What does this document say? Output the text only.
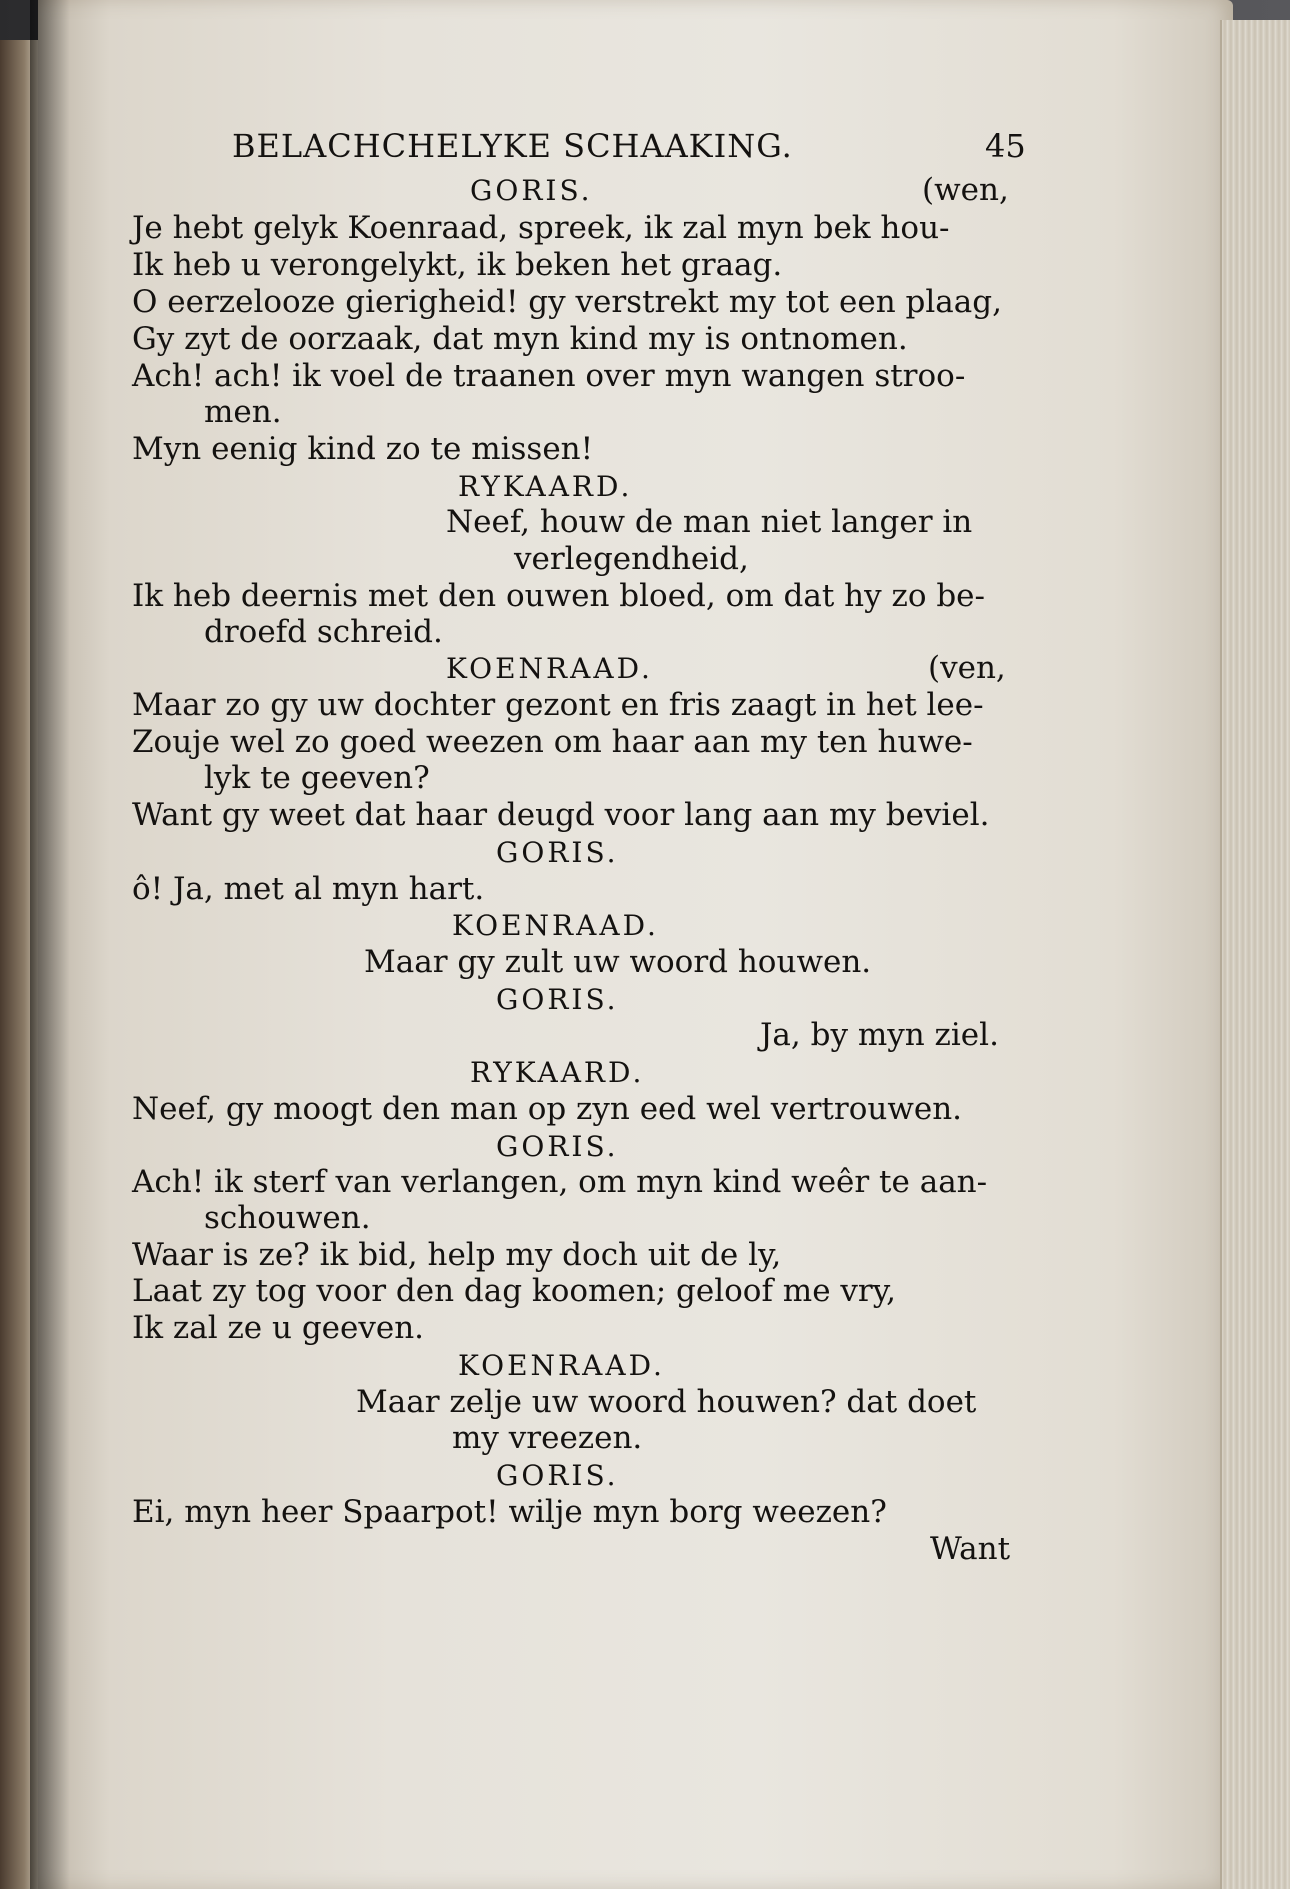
BELACHCHELYKE SCHAAKING.	45
GORIS.	(wen,
Je hebt gelyk Koenraad, spreek, ik zal myn bek hou-
Ik heb u verongelykt, ik beken het graag.
O eerzelooze gierigheid! gy verstrekt my tot een plaag,
Gy zyt de oorzaak, dat myn kind my is ontnomen.
Ach! ach! ik voel de traanen over myn wangen stroo-
men.
Myn eenig kind zo te missen!
RYKAARD.
Neef, houw de man niet langer in
verlegendheid,
Ik heb deernis met den ouwen bloed, om dat hy zo be-
droefd schreid.
KOENRAAD.	(ven,
Maar zo gy uw dochter gezont en fris zaagt in het lee-
Zouje wel zo goed weezen om haar aan my ten huwe-
lyk te geeven?
Want gy weet dat haar deugd voor lang aan my beviel.
GORIS.
ô! Ja, met al myn hart.
KOENRAAD.
Maar gy zult uw woord houwen.
GORIS.
Ja, by myn ziel.
RYKAARD.
Neef, gy moogt den man op zyn eed wel vertrouwen.
GORIS.
Ach! ik sterf van verlangen, om myn kind weêr te aan-
schouwen.
Waar is ze? ik bid, help my doch uit de ly,
Laat zy tog voor den dag koomen; geloof me vry,
Ik zal ze u geeven.
KOENRAAD.
Maar zelje uw woord houwen? dat doet
my vreezen.
GORIS.
Ei, myn heer Spaarpot! wilje myn borg weezen?
Want
